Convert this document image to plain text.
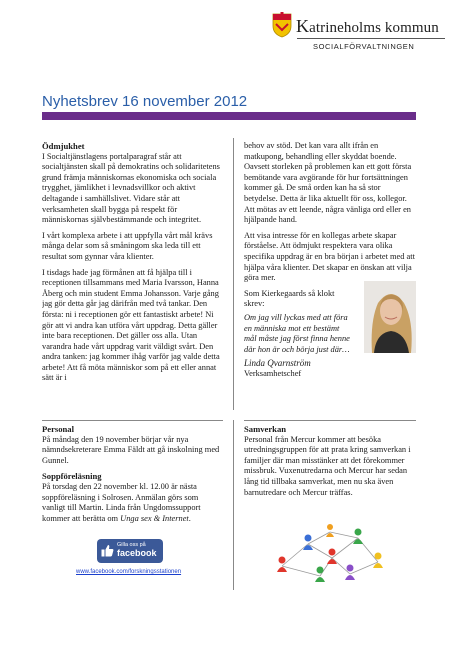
Katrineholms kommun
SOCIALFÖRVALTNINGEN
Nyhetsbrev 16 november 2012
Ödmjukhet

I Socialtjänstlagens portalparagraf står att socialtjänsten skall på demokratins och solidaritetens grund främja människornas ekonomiska och sociala trygghet, jämlikhet i levnadsvillkor och aktivt deltagande i samhällslivet. Vidare står att verksamheten skall bygga på respekt för människornas självbestämmande och integritet.

I vårt komplexa arbete i att uppfylla vårt mål krävs många delar som så småningom ska leda till ett resultat som gynnar våra klienter.

I tisdags hade jag förmånen att få hjälpa till i receptionen tillsammans med Maria Ivarsson, Hanna Åberg och min student Emma Johansson. Varje gång jag gör detta går jag därifrån med två tankar. Den första: ni i receptionen gör ett fantastiskt arbete! Ni gör att vi andra kan utföra vårt uppdrag. Detta gäller inte bara receptionen. Det gäller oss alla. Utan varandra hade vårt uppdrag varit väldigt svårt. Den andra tanken: jag kommer ihåg varför jag valde detta arbete! Att få möta människor som på ett eller annat sätt är i

behov av stöd. Det kan vara allt ifrån en matkupong, behandling eller skyddat boende. Oavsett storleken på problemen kan ett gott första bemötande vara avgörande för hur fortsättningen kommer gå. De små orden kan ha så stor betydelse. Detta är lika aktuellt för oss, kollegor. Att mötas av ett leende, några vänliga ord eller en hjälpande hand.

Att visa intresse för en kollegas arbete skapar förståelse. Att ödmjukt respektera vara olika specifika uppdrag är en bra början i arbetet med att hjälpa våra klienter. Det skapar en önskan att vilja göra mer.

Som Kierkegaards så klokt skrev:

Om jag vill lyckas med att föra en människa mot ett bestämt mål måste jag först finna henne där hon är och börja just där…

Linda Qvarnström
Verksamhetschef
Personal

På måndag den 19 november börjar vår nya nämndsekreterare Emma Fäldt att gå inskolning med Gunnel.

Soppföreläsning

På torsdag den 22 november kl. 12.00 är nästa soppföreläsning i Solrosen. Anmälan görs som vanligt till Martin. Linda från Ungdomssupport kommer att berätta om Unga sex & Internet.

Gilla oss på
facebook
www.facebook.com/forskningsstationen
Samverkan

Personal från Mercur kommer att besöka utredningsgruppen för att prata kring samverkan i familjer där man misstänker att det förekommer missbruk. Vuxenutredarna och Mercur har sedan lång tid tillbaka samverkat, men nu ska även barnutredare och Mercur träffas.
